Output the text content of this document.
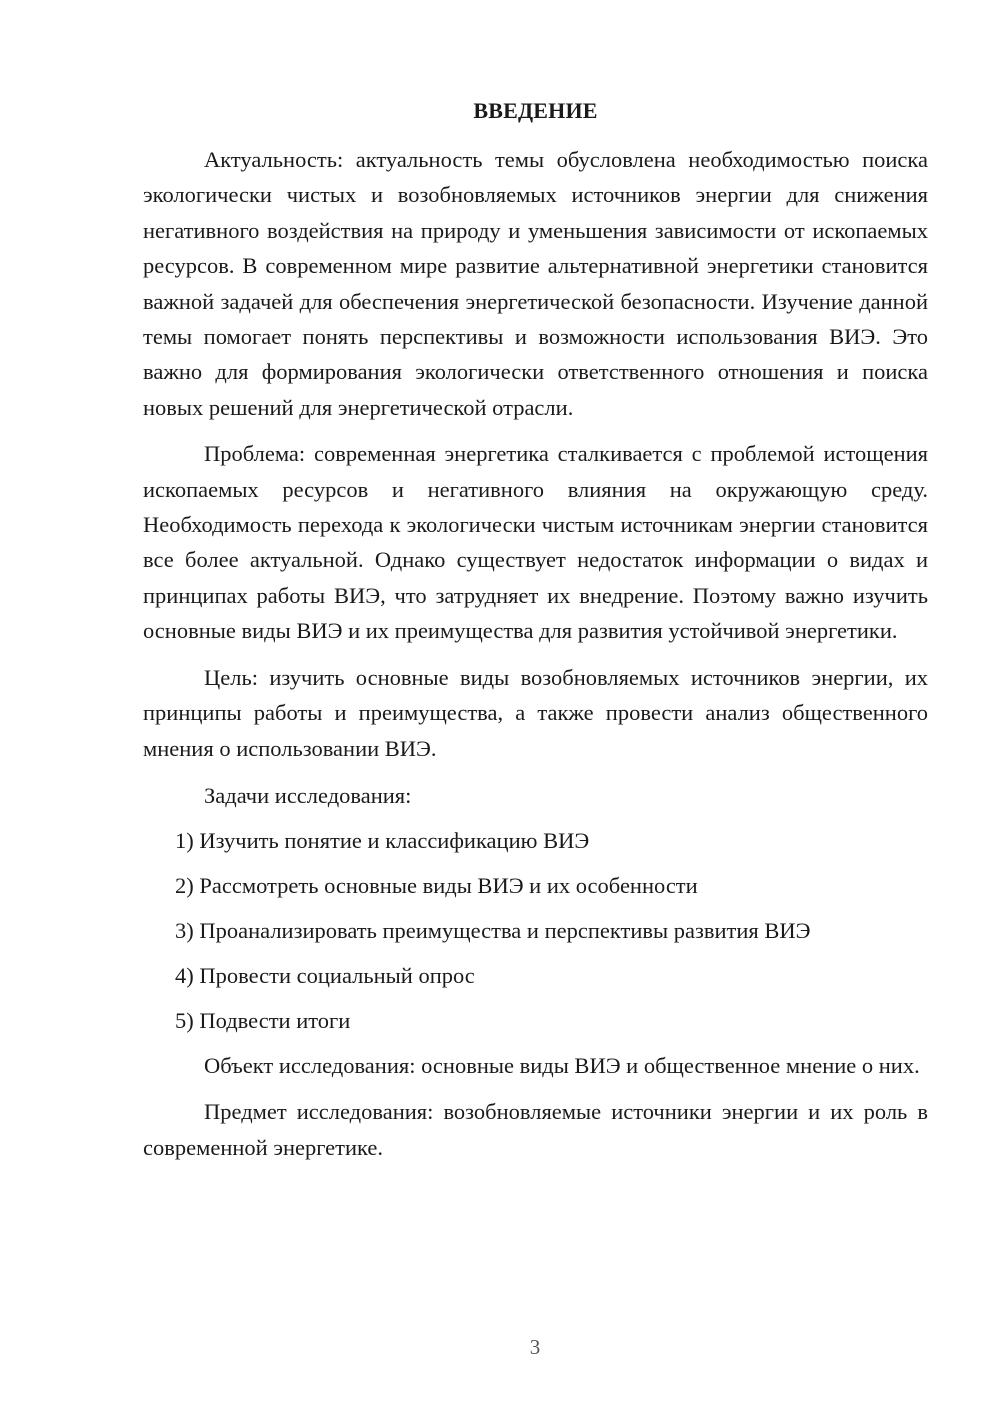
ВВЕДЕНИЕ

Актуальность: актуальность темы обусловлена необходимостью поиска экологически чистых и возобновляемых источников энергии для снижения негативного воздействия на природу и уменьшения зависимости от ископаемых ресурсов. В современном мире развитие альтернативной энергетики становится важной задачей для обеспечения энергетической безопасности. Изучение данной темы помогает понять перспективы и возможности использования ВИЭ. Это важно для формирования экологически ответственного отношения и поиска новых решений для энергетической отрасли.

Проблема: современная энергетика сталкивается с проблемой истощения ископаемых ресурсов и негативного влияния на окружающую среду. Необходимость перехода к экологически чистым источникам энергии становится все более актуальной. Однако существует недостаток информации о видах и принципах работы ВИЭ, что затрудняет их внедрение. Поэтому важно изучить основные виды ВИЭ и их преимущества для развития устойчивой энергетики.

Цель: изучить основные виды возобновляемых источников энергии, их принципы работы и преимущества, а также провести анализ общественного мнения о использовании ВИЭ.

Задачи исследования:

1) Изучить понятие и классификацию ВИЭ
2) Рассмотреть основные виды ВИЭ и их особенности
3) Проанализировать преимущества и перспективы развития ВИЭ
4) Провести социальный опрос
5) Подвести итоги

Объект исследования: основные виды ВИЭ и общественное мнение о них.

Предмет исследования: возобновляемые источники энергии и их роль в современной энергетике.

3
